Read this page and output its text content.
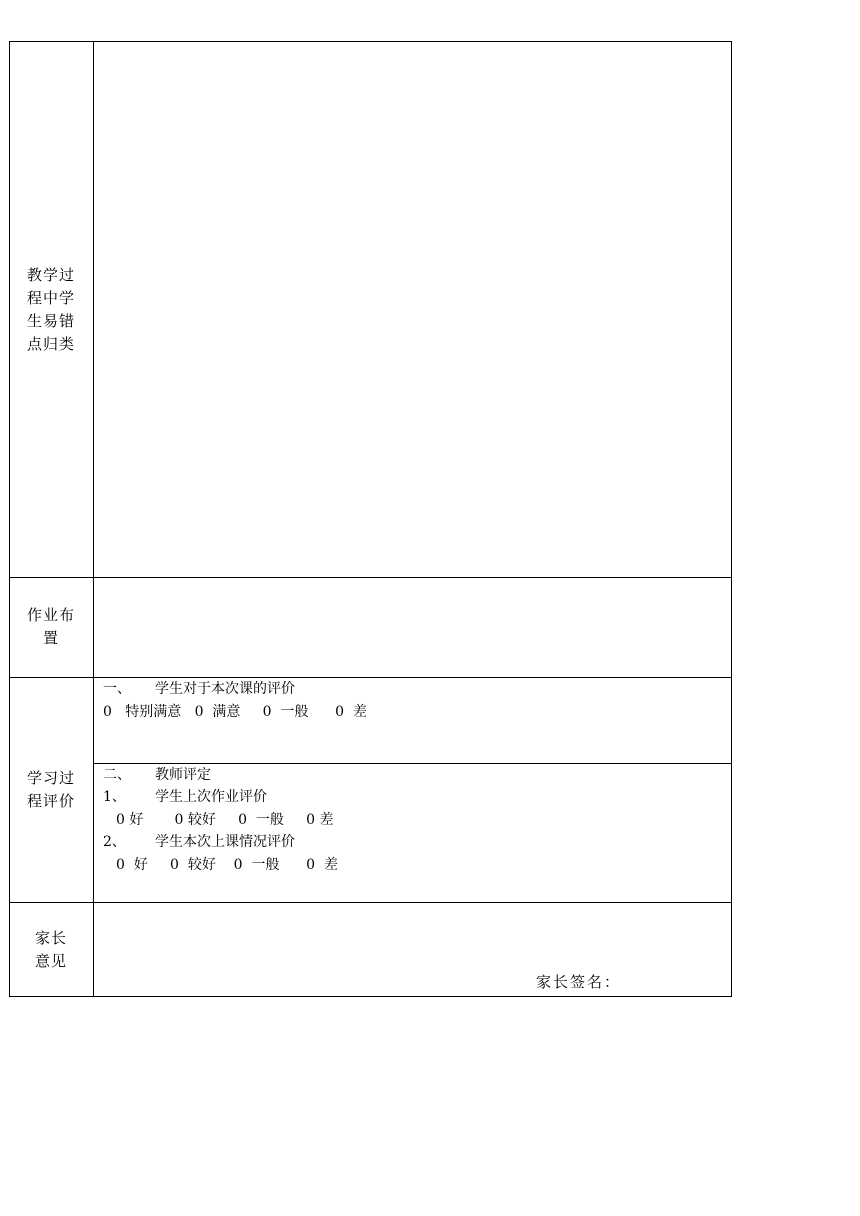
教学过
程中学
生易错
点归类
作业布
置
学习过
程评价
一、 学生对于本次课的评价
0   特别满意   0  满意     0  一般      0  差
二、 教师评定
1、 学生上次作业评价
0 好       0 较好     0  一般     0 差
2、 学生本次上课情况评价
0  好     0  较好    0  一般      0  差
家长
意见
家长签名：
